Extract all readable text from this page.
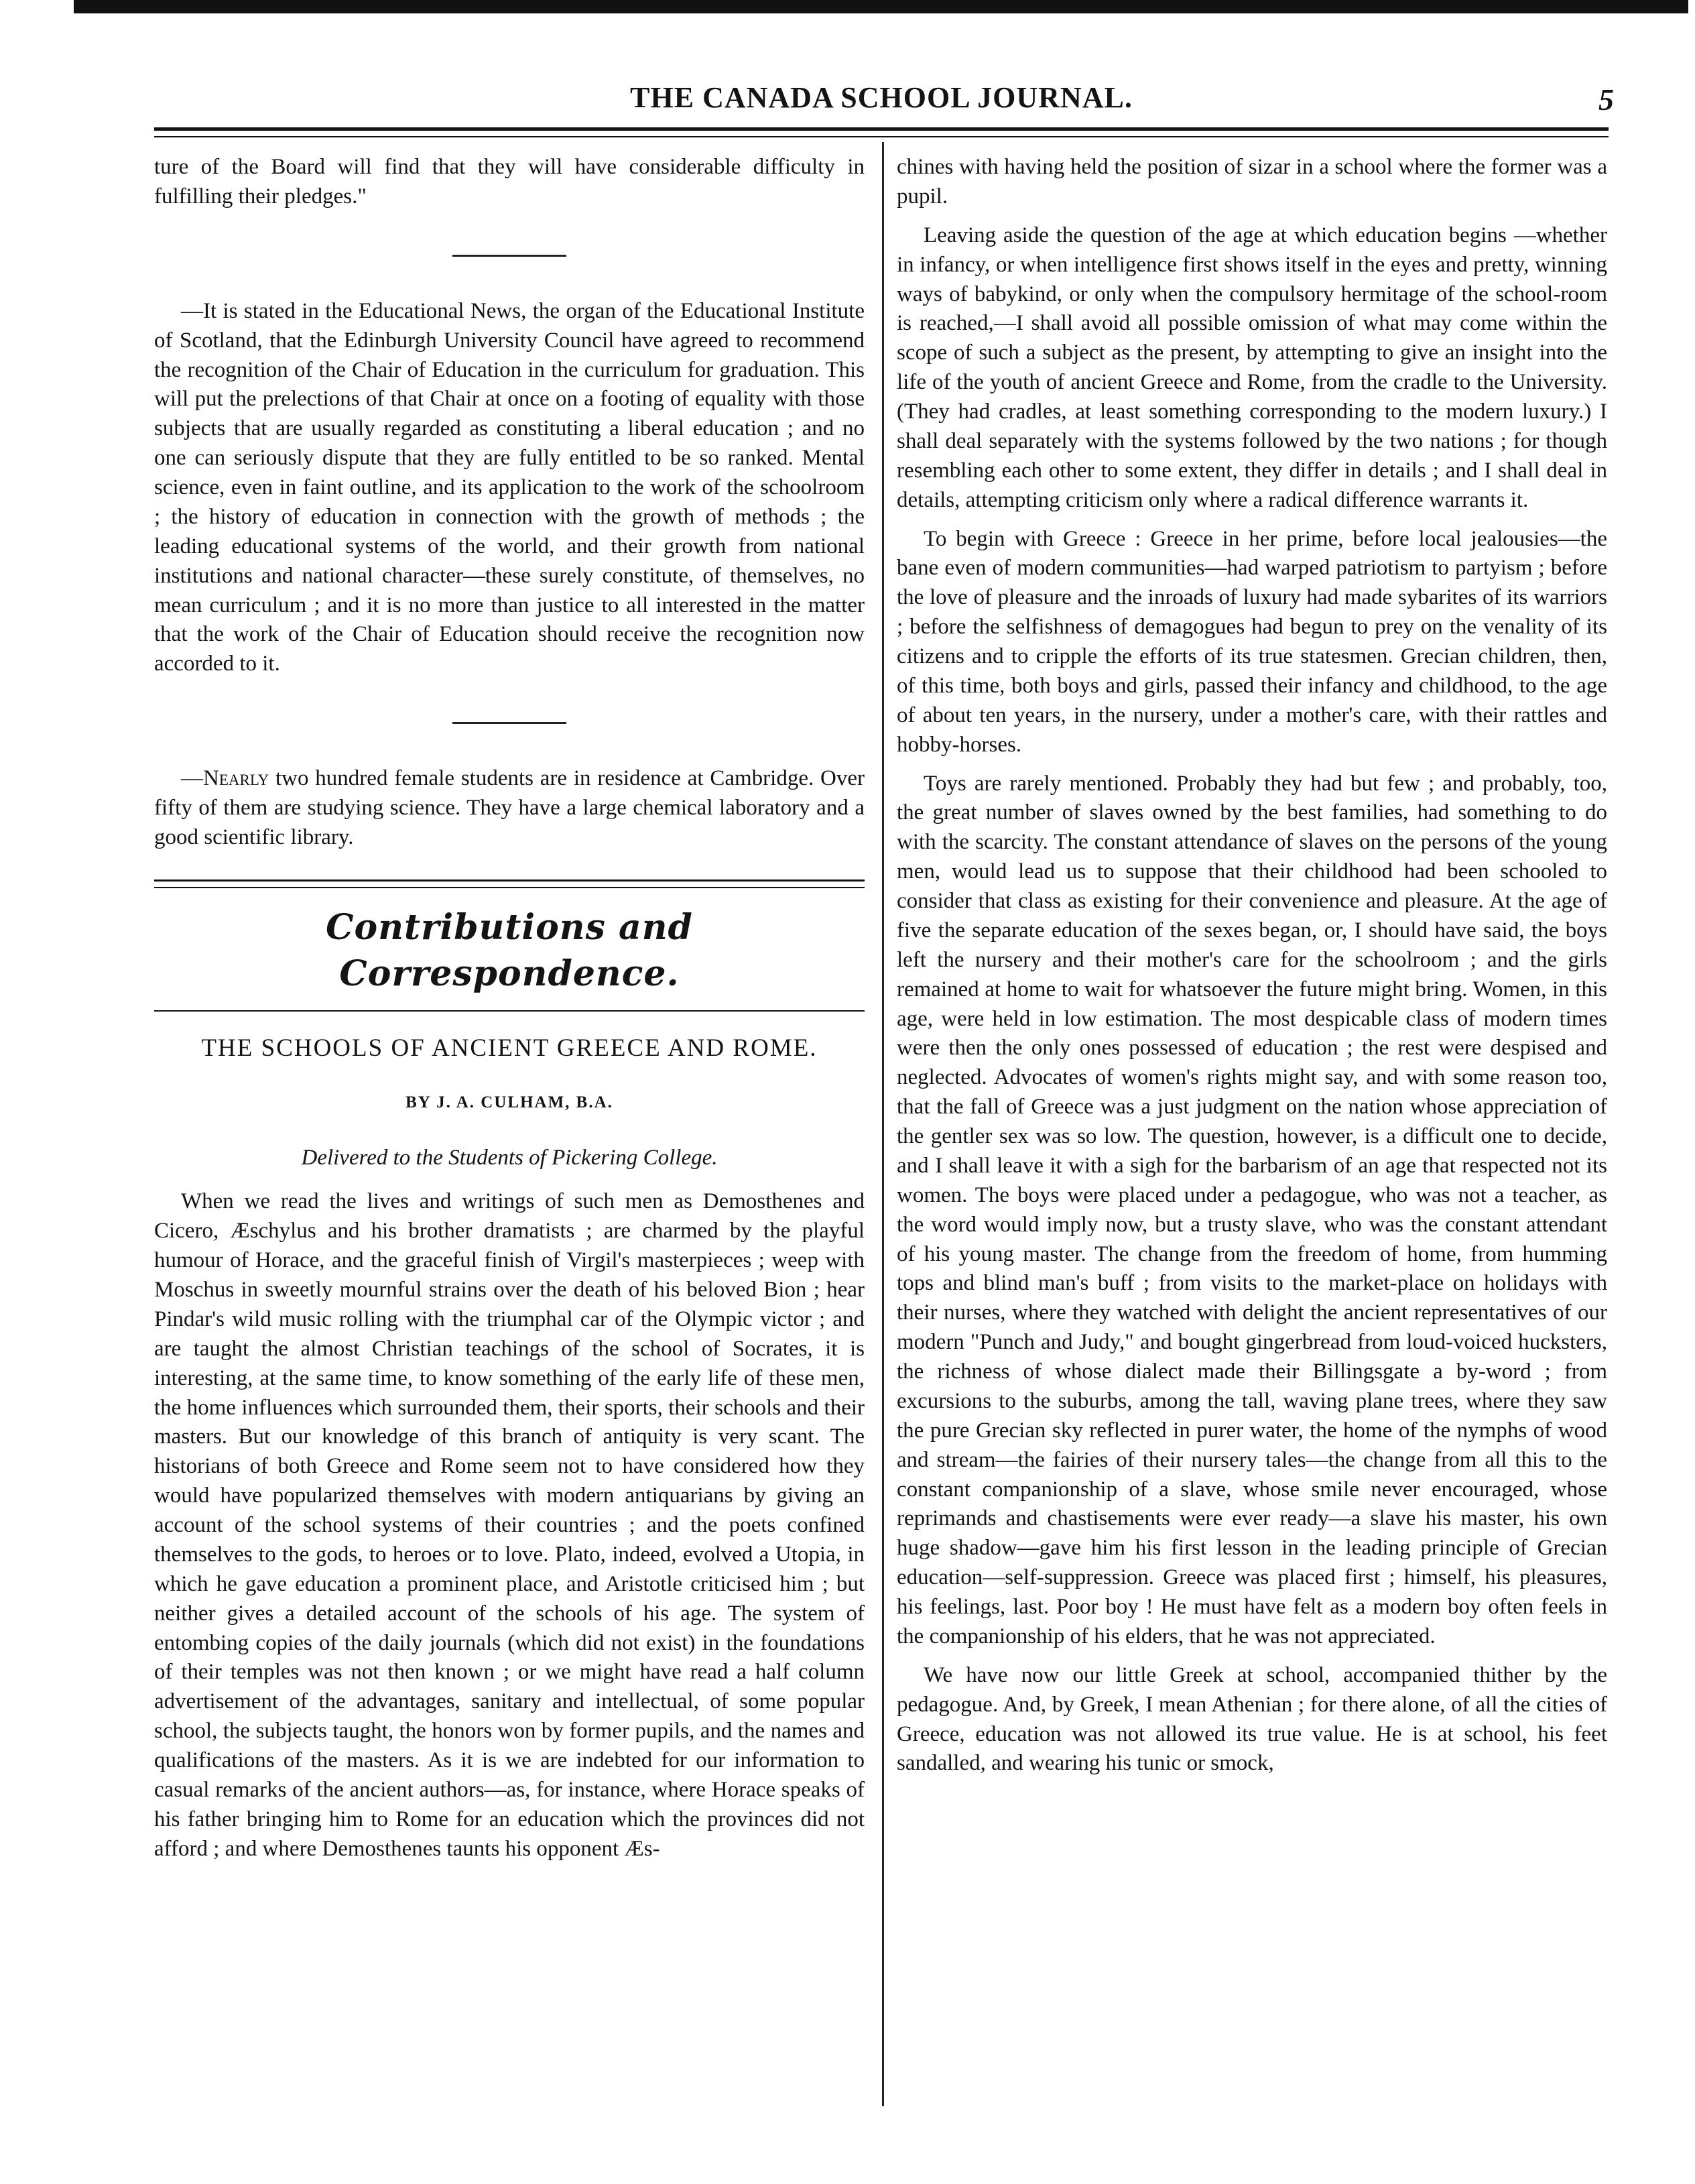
THE CANADA SCHOOL JOURNAL.	5

ture of the Board will find that they will have considerable difficulty in fulfilling their pledges."

—It is stated in the Educational News, the organ of the Educational Institute of Scotland, that the Edinburgh University Council have agreed to recommend the recognition of the Chair of Education in the curriculum for graduation. This will put the prelections of that Chair at once on a footing of equality with those subjects that are usually regarded as constituting a liberal education ; and no one can seriously dispute that they are fully entitled to be so ranked. Mental science, even in faint outline, and its application to the work of the schoolroom ; the history of education in connection with the growth of methods ; the leading educational systems of the world, and their growth from national institutions and national character—these surely constitute, of themselves, no mean curriculum ; and it is no more than justice to all interested in the matter that the work of the Chair of Education should receive the recognition now accorded to it.

—Nearly two hundred female students are in residence at Cambridge. Over fifty of them are studying science. They have a large chemical laboratory and a good scientific library.

Contributions and Correspondence.
THE SCHOOLS OF ANCIENT GREECE AND ROME.
BY J. A. CULHAM, B.A.
Delivered to the Students of Pickering College.

When we read the lives and writings of such men as Demosthenes and Cicero, Æschylus and his brother dramatists ; are charmed by the playful humour of Horace, and the graceful finish of Virgil's masterpieces ; weep with Moschus in sweetly mournful strains over the death of his beloved Bion ; hear Pindar's wild music rolling with the triumphal car of the Olympic victor ; and are taught the almost Christian teachings of the school of Socrates, it is interesting, at the same time, to know something of the early life of these men, the home influences which surrounded them, their sports, their schools and their masters. But our knowledge of this branch of antiquity is very scant. The historians of both Greece and Rome seem not to have considered how they would have popularized themselves with modern antiquarians by giving an account of the school systems of their countries ; and the poets confined themselves to the gods, to heroes or to love. Plato, indeed, evolved a Utopia, in which he gave education a prominent place, and Aristotle criticised him ; but neither gives a detailed account of the schools of his age. The system of entombing copies of the daily journals (which did not exist) in the foundations of their temples was not then known ; or we might have read a half column advertisement of the advantages, sanitary and intellectual, of some popular school, the subjects taught, the honors won by former pupils, and the names and qualifications of the masters. As it is we are indebted for our information to casual remarks of the ancient authors—as, for instance, where Horace speaks of his father bringing him to Rome for an education which the provinces did not afford ; and where Demosthenes taunts his opponent Æs-

chines with having held the position of sizar in a school where the former was a pupil.

Leaving aside the question of the age at which education begins —whether in infancy, or when intelligence first shows itself in the eyes and pretty, winning ways of babykind, or only when the compulsory hermitage of the school-room is reached,—I shall avoid all possible omission of what may come within the scope of such a subject as the present, by attempting to give an insight into the life of the youth of ancient Greece and Rome, from the cradle to the University. (They had cradles, at least something corresponding to the modern luxury.) I shall deal separately with the systems followed by the two nations ; for though resembling each other to some extent, they differ in details ; and I shall deal in details, attempting criticism only where a radical difference warrants it.

To begin with Greece : Greece in her prime, before local jealousies—the bane even of modern communities—had warped patriotism to partyism ; before the love of pleasure and the inroads of luxury had made sybarites of its warriors ; before the selfishness of demagogues had begun to prey on the venality of its citizens and to cripple the efforts of its true statesmen. Grecian children, then, of this time, both boys and girls, passed their infancy and childhood, to the age of about ten years, in the nursery, under a mother's care, with their rattles and hobby-horses.

Toys are rarely mentioned. Probably they had but few ; and probably, too, the great number of slaves owned by the best families, had something to do with the scarcity. The constant attendance of slaves on the persons of the young men, would lead us to suppose that their childhood had been schooled to consider that class as existing for their convenience and pleasure. At the age of five the separate education of the sexes began, or, I should have said, the boys left the nursery and their mother's care for the schoolroom ; and the girls remained at home to wait for whatsoever the future might bring. Women, in this age, were held in low estimation. The most despicable class of modern times were then the only ones possessed of education ; the rest were despised and neglected. Advocates of women's rights might say, and with some reason too, that the fall of Greece was a just judgment on the nation whose appreciation of the gentler sex was so low. The question, however, is a difficult one to decide, and I shall leave it with a sigh for the barbarism of an age that respected not its women. The boys were placed under a pedagogue, who was not a teacher, as the word would imply now, but a trusty slave, who was the constant attendant of his young master. The change from the freedom of home, from humming tops and blind man's buff ; from visits to the market-place on holidays with their nurses, where they watched with delight the ancient representatives of our modern "Punch and Judy," and bought gingerbread from loud-voiced hucksters, the richness of whose dialect made their Billingsgate a by-word ; from excursions to the suburbs, among the tall, waving plane trees, where they saw the pure Grecian sky reflected in purer water, the home of the nymphs of wood and stream—the fairies of their nursery tales—the change from all this to the constant companionship of a slave, whose smile never encouraged, whose reprimands and chastisements were ever ready—a slave his master, his own huge shadow—gave him his first lesson in the leading principle of Grecian education—self-suppression. Greece was placed first ; himself, his pleasures, his feelings, last. Poor boy ! He must have felt as a modern boy often feels in the companionship of his elders, that he was not appreciated.

We have now our little Greek at school, accompanied thither by the pedagogue. And, by Greek, I mean Athenian ; for there alone, of all the cities of Greece, education was not allowed its true value. He is at school, his feet sandalled, and wearing his tunic or smock,
